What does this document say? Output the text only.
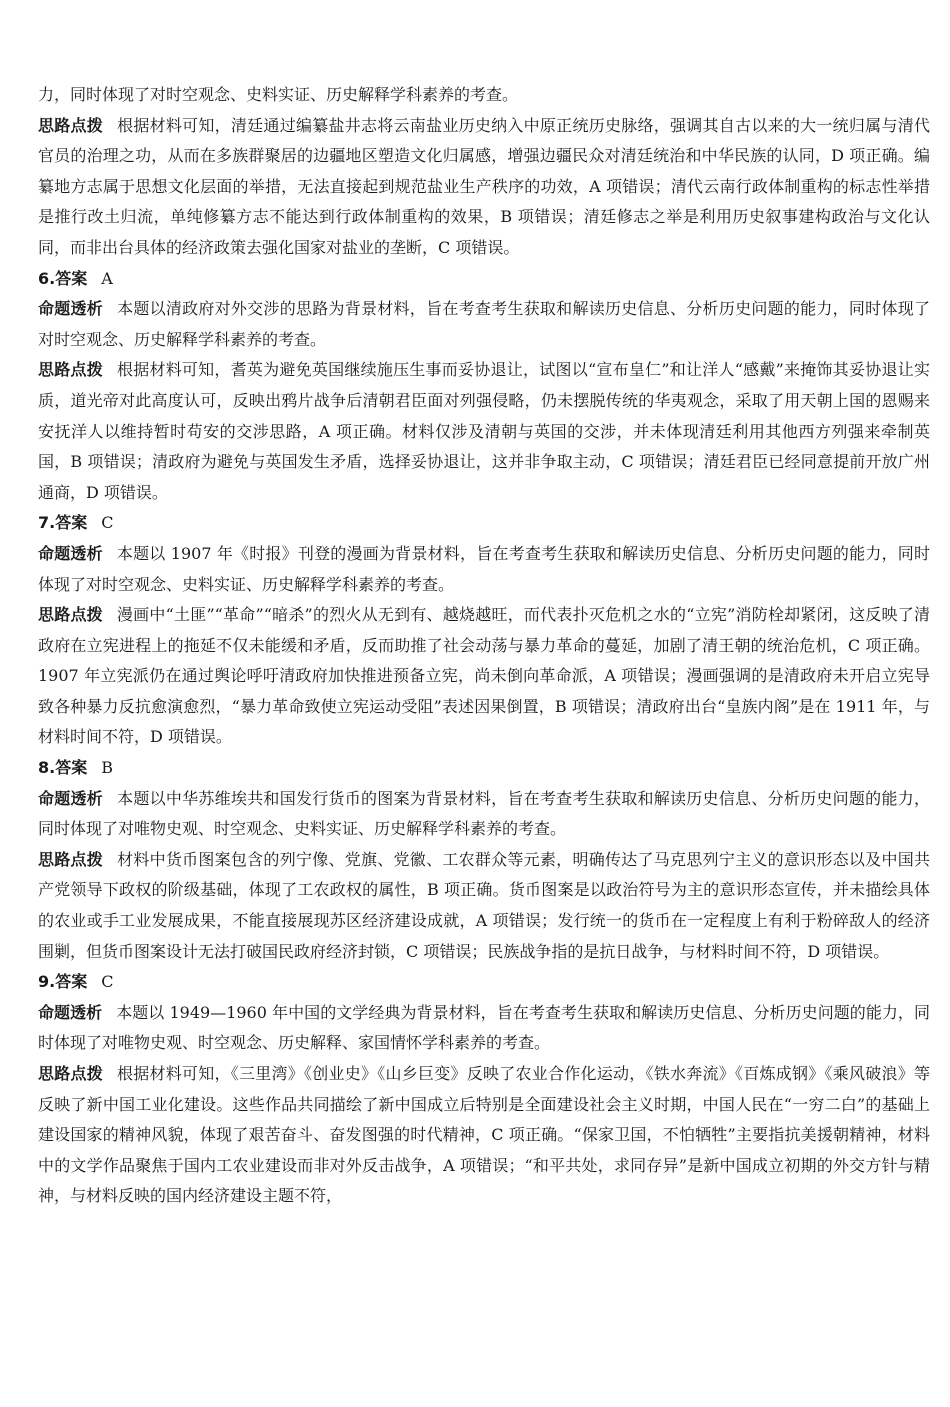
力，同时体现了对时空观念、史料实证、历史解释学科素养的考查。

思路点拨 根据材料可知，清廷通过编纂盐井志将云南盐业历史纳入中原正统历史脉络，强调其自古以来的大一统归属与清代官员的治理之功，从而在多族群聚居的边疆地区塑造文化归属感，增强边疆民众对清廷统治和中华民族的认同，D 项正确。编纂地方志属于思想文化层面的举措，无法直接起到规范盐业生产秩序的功效，A 项错误；清代云南行政体制重构的标志性举措是推行改土归流，单纯修纂方志不能达到行政体制重构的效果，B 项错误；清廷修志之举是利用历史叙事建构政治与文化认同，而非出台具体的经济政策去强化国家对盐业的垄断，C 项错误。

6.答案 A

命题透析 本题以清政府对外交涉的思路为背景材料，旨在考查考生获取和解读历史信息、分析历史问题的能力，同时体现了对时空观念、历史解释学科素养的考查。

思路点拨 根据材料可知，耆英为避免英国继续施压生事而妥协退让，试图以“宣布皇仁”和让洋人“感戴”来掩饰其妥协退让实质，道光帝对此高度认可，反映出鸦片战争后清朝君臣面对列强侵略，仍未摆脱传统的华夷观念，采取了用天朝上国的恩赐来安抚洋人以维持暂时苟安的交涉思路，A 项正确。材料仅涉及清朝与英国的交涉，并未体现清廷利用其他西方列强来牵制英国，B 项错误；清政府为避免与英国发生矛盾，选择妥协退让，这并非争取主动，C 项错误；清廷君臣已经同意提前开放广州通商，D 项错误。

7.答案 C

命题透析 本题以 1907 年《时报》刊登的漫画为背景材料，旨在考查考生获取和解读历史信息、分析历史问题的能力，同时体现了对时空观念、史料实证、历史解释学科素养的考查。

思路点拨 漫画中“土匪”“革命”“暗杀”的烈火从无到有、越烧越旺，而代表扑灭危机之水的“立宪”消防栓却紧闭，这反映了清政府在立宪进程上的拖延不仅未能缓和矛盾，反而助推了社会动荡与暴力革命的蔓延，加剧了清王朝的统治危机，C 项正确。1907 年立宪派仍在通过舆论呼吁清政府加快推进预备立宪，尚未倒向革命派，A 项错误；漫画强调的是清政府未开启立宪导致各种暴力反抗愈演愈烈，“暴力革命致使立宪运动受阻”表述因果倒置，B 项错误；清政府出台“皇族内阁”是在 1911 年，与材料时间不符，D 项错误。

8.答案 B

命题透析 本题以中华苏维埃共和国发行货币的图案为背景材料，旨在考查考生获取和解读历史信息、分析历史问题的能力，同时体现了对唯物史观、时空观念、史料实证、历史解释学科素养的考查。

思路点拨 材料中货币图案包含的列宁像、党旗、党徽、工农群众等元素，明确传达了马克思列宁主义的意识形态以及中国共产党领导下政权的阶级基础，体现了工农政权的属性，B 项正确。货币图案是以政治符号为主的意识形态宣传，并未描绘具体的农业或手工业发展成果，不能直接展现苏区经济建设成就，A 项错误；发行统一的货币在一定程度上有利于粉碎敌人的经济围剿，但货币图案设计无法打破国民政府经济封锁，C 项错误；民族战争指的是抗日战争，与材料时间不符，D 项错误。

9.答案 C

命题透析 本题以 1949—1960 年中国的文学经典为背景材料，旨在考查考生获取和解读历史信息、分析历史问题的能力，同时体现了对唯物史观、时空观念、历史解释、家国情怀学科素养的考查。

思路点拨 根据材料可知，《三里湾》《创业史》《山乡巨变》反映了农业合作化运动，《铁水奔流》《百炼成钢》《乘风破浪》等反映了新中国工业化建设。这些作品共同描绘了新中国成立后特别是全面建设社会主义时期，中国人民在“一穷二白”的基础上建设国家的精神风貌，体现了艰苦奋斗、奋发图强的时代精神，C 项正确。“保家卫国，不怕牺牲”主要指抗美援朝精神，材料中的文学作品聚焦于国内工农业建设而非对外反击战争，A 项错误；“和平共处，求同存异”是新中国成立初期的外交方针与精神，与材料反映的国内经济建设主题不符，
